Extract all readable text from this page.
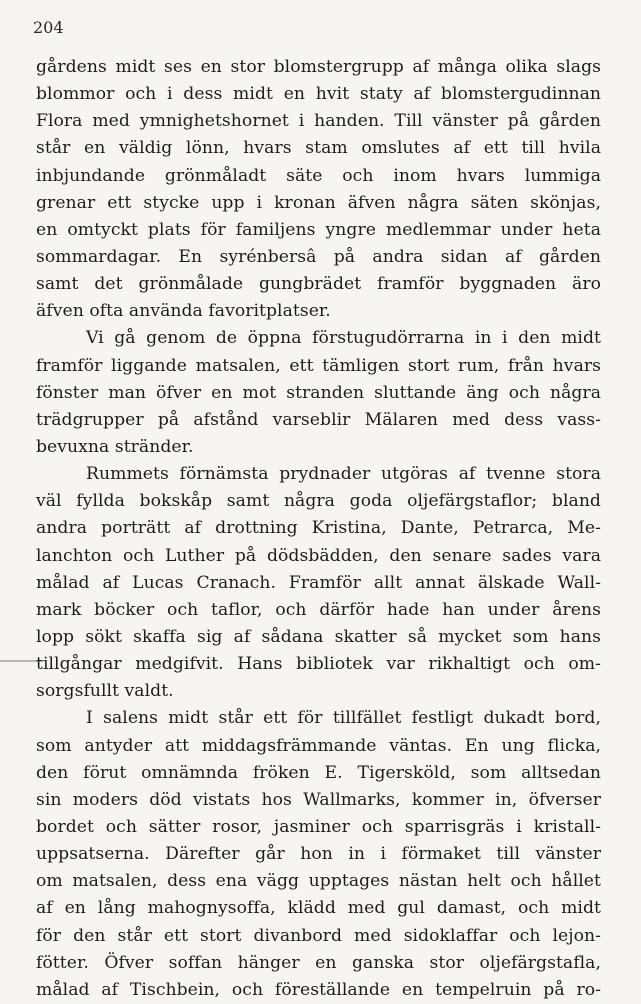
204
gårdens midt ses en stor blomstergrupp af många olika slags
blommor och i dess midt en hvit staty af blomstergudinnan
Flora med ymnighetshornet i handen. Till vänster på gården
står en väldig lönn, hvars stam omslutes af ett till hvila
inbjundande grönmåladt säte och inom hvars lummiga
grenar ett stycke upp i kronan äfven några säten skönjas,
en omtyckt plats för familjens yngre medlemmar under heta
sommardagar. En syrénbersâ på andra sidan af gården
samt det grönmålade gungbrädet framför byggnaden äro
äfven ofta använda favoritplatser.
Vi gå genom de öppna förstugudörrarna in i den midt
framför liggande matsalen, ett tämligen stort rum, från hvars
fönster man öfver en mot stranden sluttande äng och några
trädgrupper på afstånd varseblir Mälaren med dess vass-
bevuxna stränder.
Rummets förnämsta prydnader utgöras af tvenne stora
väl fyllda bokskåp samt några goda oljefärgstaflor; bland
andra porträtt af drottning Kristina, Dante, Petrarca, Me-
lanchton och Luther på dödsbädden, den senare sades vara
målad af Lucas Cranach. Framför allt annat älskade Wall-
mark böcker och taflor, och därför hade han under årens
lopp sökt skaffa sig af sådana skatter så mycket som hans
tillgångar medgifvit. Hans bibliotek var rikhaltigt och om-
sorgsfullt valdt.
I salens midt står ett för tillfället festligt dukadt bord,
som antyder att middagsfrämmande väntas. En ung flicka,
den förut omnämnda fröken E. Tigersköld, som alltsedan
sin moders död vistats hos Wallmarks, kommer in, öfverser
bordet och sätter rosor, jasminer och sparrisgräs i kristall-
uppsatserna. Därefter går hon in i förmaket till vänster
om matsalen, dess ena vägg upptages nästan helt och hållet
af en lång mahognysoffa, klädd med gul damast, och midt
för den står ett stort divanbord med sidoklaffar och lejon-
fötter. Öfver soffan hänger en ganska stor oljefärgstafla,
målad af Tischbein, och föreställande en tempelruin på ro-
